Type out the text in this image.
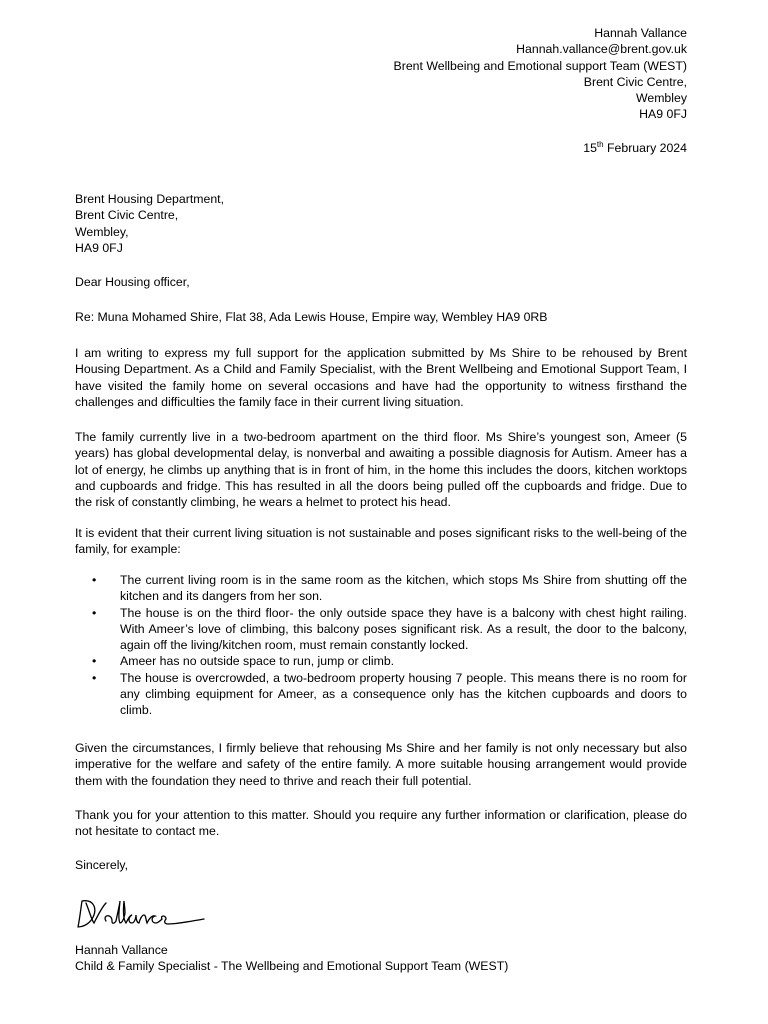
Hannah Vallance
Hannah.vallance@brent.gov.uk
Brent Wellbeing and Emotional support Team (WEST)
Brent Civic Centre,
Wembley
HA9 0FJ
15th February 2024
Brent Housing Department,
Brent Civic Centre,
Wembley,
HA9 0FJ
Dear Housing officer,
Re: Muna Mohamed Shire, Flat 38, Ada Lewis House, Empire way, Wembley HA9 0RB

I am writing to express my full support for the application submitted by Ms Shire to be rehoused by Brent Housing Department. As a Child and Family Specialist, with the Brent Wellbeing and Emotional Support Team, I have visited the family home on several occasions and have had the opportunity to witness firsthand the challenges and difficulties the family face in their current living situation.

The family currently live in a two-bedroom apartment on the third floor. Ms Shire’s youngest son, Ameer (5 years) has global developmental delay, is nonverbal and awaiting a possible diagnosis for Autism. Ameer has a lot of energy, he climbs up anything that is in front of him, in the home this includes the doors, kitchen worktops and cupboards and fridge. This has resulted in all the doors being pulled off the cupboards and fridge. Due to the risk of constantly climbing, he wears a helmet to protect his head.

It is evident that their current living situation is not sustainable and poses significant risks to the well-being of the family, for example:

• The current living room is in the same room as the kitchen, which stops Ms Shire from shutting off the kitchen and its dangers from her son.
• The house is on the third floor- the only outside space they have is a balcony with chest hight railing. With Ameer’s love of climbing, this balcony poses significant risk. As a result, the door to the balcony, again off the living/kitchen room, must remain constantly locked.
• Ameer has no outside space to run, jump or climb.
• The house is overcrowded, a two-bedroom property housing 7 people. This means there is no room for any climbing equipment for Ameer, as a consequence only has the kitchen cupboards and doors to climb.

Given the circumstances, I firmly believe that rehousing Ms Shire and her family is not only necessary but also imperative for the welfare and safety of the entire family. A more suitable housing arrangement would provide them with the foundation they need to thrive and reach their full potential.

Thank you for your attention to this matter. Should you require any further information or clarification, please do not hesitate to contact me.

Sincerely,
Hannah Vallance
Child & Family Specialist - The Wellbeing and Emotional Support Team (WEST)
